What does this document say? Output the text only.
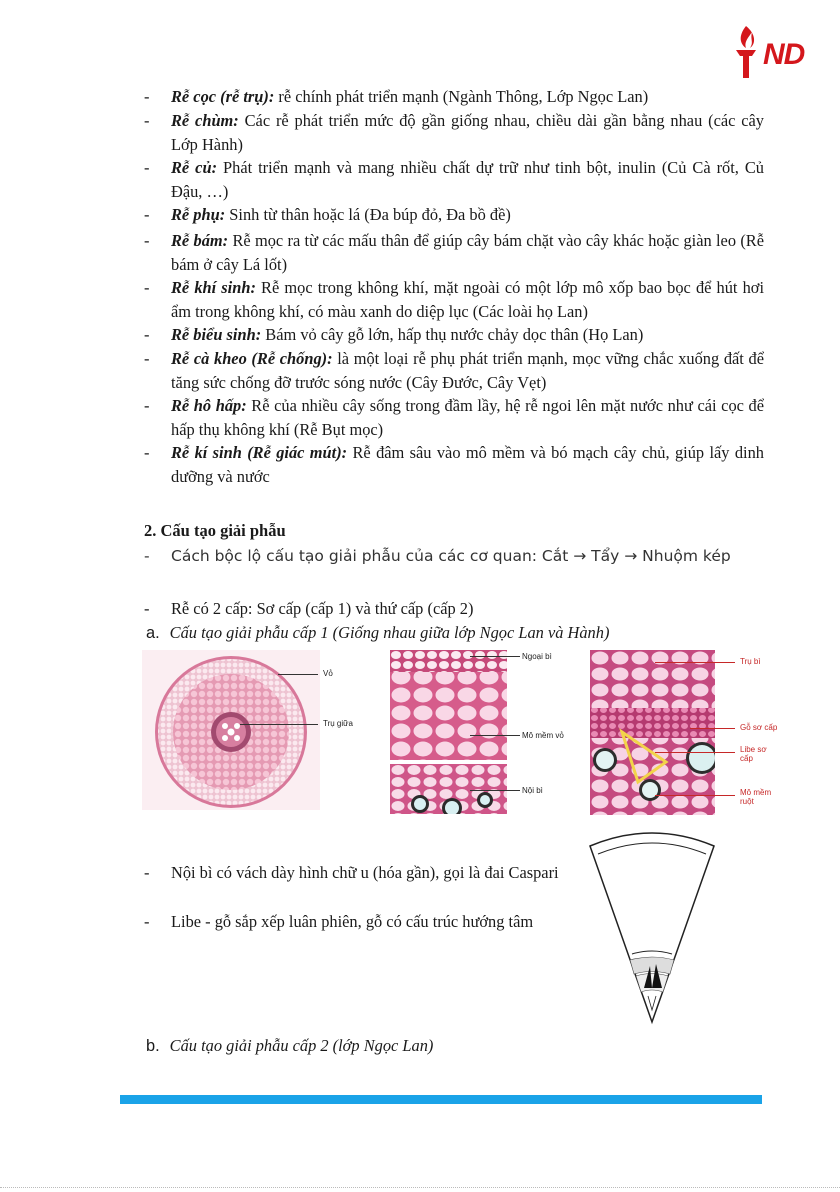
ND
- Rễ cọc (rễ trụ): rễ chính phát triển mạnh (Ngành Thông, Lớp Ngọc Lan)
- Rễ chùm: Các rễ phát triển mức độ gần giống nhau, chiều dài gần bằng nhau (các cây Lớp Hành)
- Rễ củ: Phát triển mạnh và mang nhiều chất dự trữ như tinh bột, inulin (Củ Cà rốt, Củ Đậu, …)
- Rễ phụ: Sinh từ thân hoặc lá (Đa búp đỏ, Đa bồ đề)
- Rễ bám: Rễ mọc ra từ các mấu thân để giúp cây bám chặt vào cây khác hoặc giàn leo (Rễ bám ở cây Lá lốt)
- Rễ khí sinh: Rễ mọc trong không khí, mặt ngoài có một lớp mô xốp bao bọc để hút hơi ẩm trong không khí, có màu xanh do diệp lục (Các loài họ Lan)
- Rễ biểu sinh: Bám vỏ cây gỗ lớn, hấp thụ nước chảy dọc thân (Họ Lan)
- Rễ cà kheo (Rễ chống): là một loại rễ phụ phát triển mạnh, mọc vững chắc xuống đất để tăng sức chống đỡ trước sóng nước (Cây Đước, Cây Vẹt)
- Rễ hô hấp: Rễ của nhiều cây sống trong đầm lầy, hệ rễ ngoi lên mặt nước như cái cọc để hấp thụ không khí (Rễ Bụt mọc)
- Rễ kí sinh (Rễ giác mút): Rễ đâm sâu vào mô mềm và bó mạch cây chủ, giúp lấy dinh dưỡng và nước
2. Cấu tạo giải phẫu
- Cách bộc lộ cấu tạo giải phẫu của các cơ quan: Cắt → Tẩy → Nhuộm kép
- Rễ có 2 cấp: Sơ cấp (cấp 1) và thứ cấp (cấp 2)
a. Cấu tạo giải phẫu cấp 1 (Giống nhau giữa lớp Ngọc Lan và Hành)
Vỏ
Trụ giữa
Ngoại bì
Mô mềm vỏ
Nội bì
Trụ bì
Gỗ sơ cấp
Libe sơ cấp
Mô mềm ruột
- Nội bì có vách dày hình chữ u (hóa gần), gọi là đai Caspari
- Libe - gỗ sắp xếp luân phiên, gỗ có cấu trúc hướng tâm
b. Cấu tạo giải phẫu cấp 2 (lớp Ngọc Lan)
